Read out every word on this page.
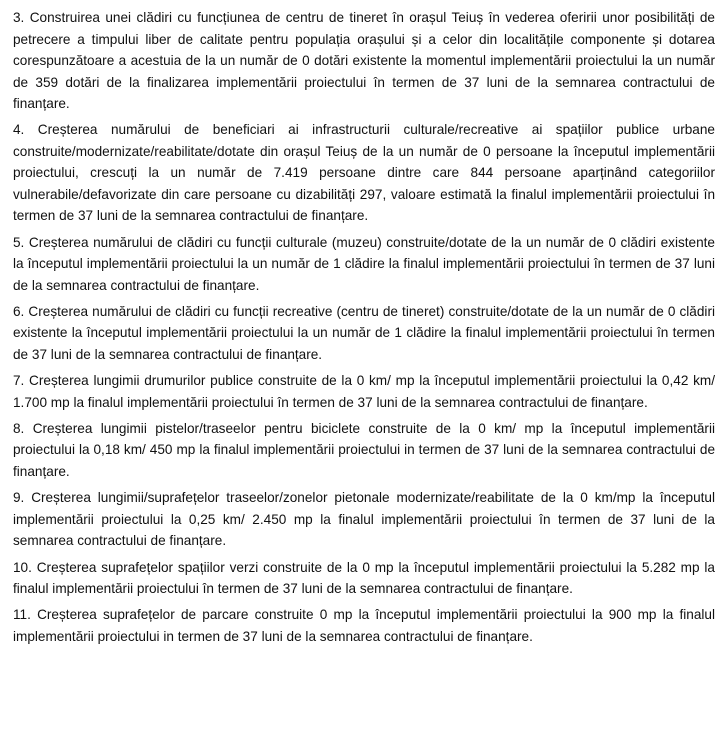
3. Construirea unei clădiri cu funcțiunea de centru de tineret în orașul Teiuș în vederea oferirii unor posibilități de petrecere a timpului liber de calitate pentru populația orașului și a celor din localitățile componente și dotarea corespunzătoare a acestuia de la un număr de 0 dotări existente la momentul implementării proiectului la un număr de 359 dotări de la finalizarea implementării proiectului în termen de 37 luni de la semnarea contractului de finanțare.

4. Creșterea numărului de beneficiari ai infrastructurii culturale/recreative ai spațiilor publice urbane construite/modernizate/reabilitate/dotate din orașul Teiuș de la un număr de 0 persoane la începutul implementării proiectului, crescuți la un număr de 7.419 persoane dintre care 844 persoane aparținând categoriilor vulnerabile/defavorizate din care persoane cu dizabilități 297, valoare estimată la finalul implementării proiectului în termen de 37 luni de la semnarea contractului de finanțare.

5. Creșterea numărului de clădiri cu funcții culturale (muzeu) construite/dotate de la un număr de 0 clădiri existente la începutul implementării proiectului la un număr de 1 clădire la finalul implementării proiectului în termen de 37 luni de la semnarea contractului de finanțare.

6. Creșterea numărului de clădiri cu funcții recreative (centru de tineret) construite/dotate de la un număr de 0 clădiri existente la începutul implementării proiectului la un număr de 1 clădire la finalul implementării proiectului în termen de 37 luni de la semnarea contractului de finanțare.

7. Creșterea lungimii drumurilor publice construite de la 0 km/ mp la începutul implementării proiectului la 0,42 km/ 1.700 mp la finalul implementării proiectului în termen de 37 luni de la semnarea contractului de finanțare.

8. Creșterea lungimii pistelor/traseelor pentru biciclete construite de la 0 km/ mp la începutul implementării proiectului la 0,18 km/ 450 mp la finalul implementării proiectului in termen de 37 luni de la semnarea contractului de finanțare.

9. Creșterea lungimii/suprafețelor traseelor/zonelor pietonale modernizate/reabilitate de la 0 km/mp la începutul implementării proiectului la 0,25 km/ 2.450 mp la finalul implementării proiectului în termen de 37 luni de la semnarea contractului de finanțare.

10. Creșterea suprafețelor spațiilor verzi construite de la 0 mp la începutul implementării proiectului la 5.282 mp la finalul implementării proiectului în termen de 37 luni de la semnarea contractului de finanțare.

11. Creșterea suprafețelor de parcare construite 0 mp la începutul implementării proiectului la 900 mp la finalul implementării proiectului in termen de 37 luni de la semnarea contractului de finanțare.
